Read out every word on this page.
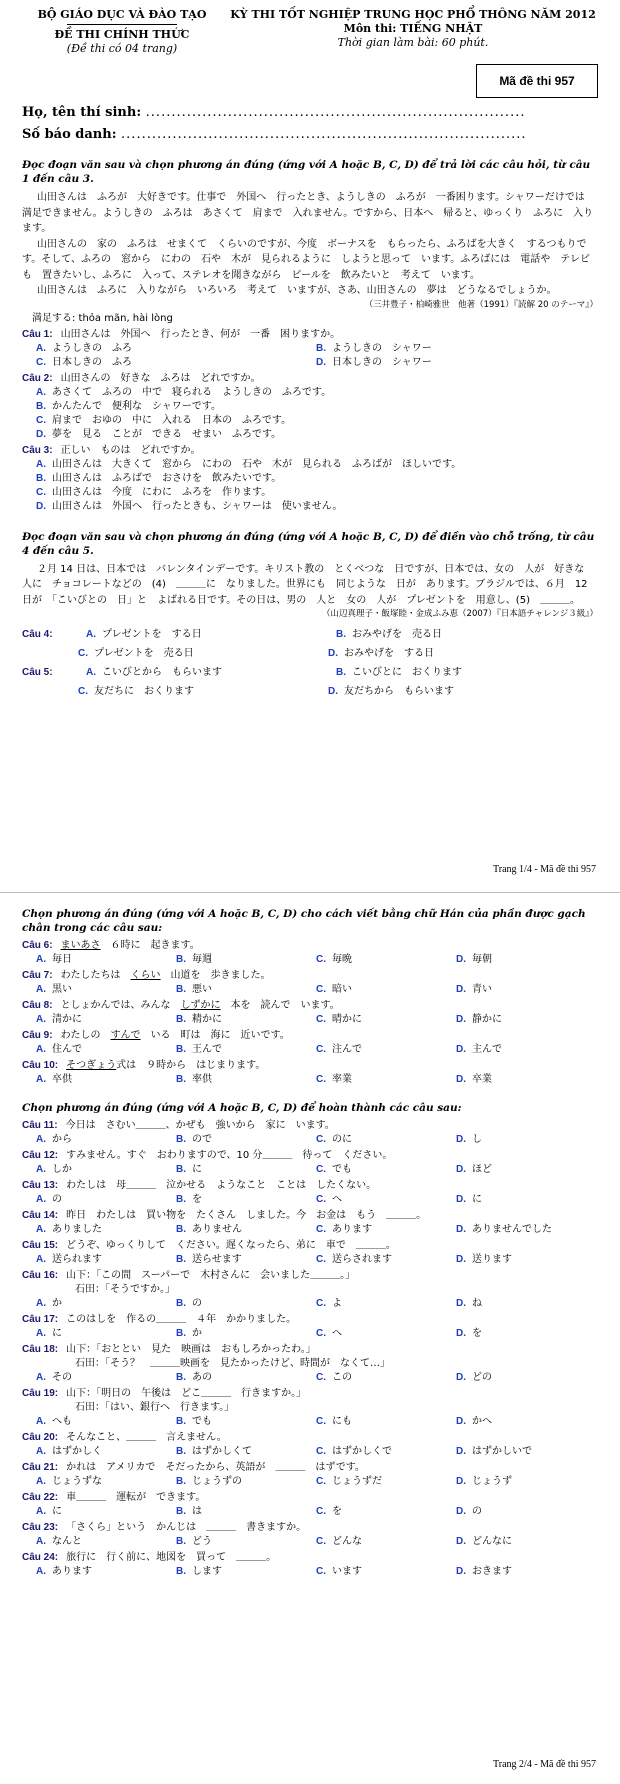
BỘ GIÁO DỤC VÀ ĐÀO TẠO
ĐỀ THI CHÍNH THỨC
(Đề thi có 04 trang)
KỲ THI TỐT NGHIỆP TRUNG HỌC PHỔ THÔNG NĂM 2012
Môn thi: TIẾNG NHẬT
Thời gian làm bài: 60 phút.
Mã đề thi 957
Họ, tên thí sinh: ..........................................................................
Số báo danh: ...............................................................................
Đọc đoạn văn sau và chọn phương án đúng (ứng với A hoặc B, C, D) để trả lời các câu hỏi, từ câu 1 đến câu 3.

山田さんは　ふろが　大好きです。仕事で　外国へ　行ったとき、ようしきの　ふろが　一番困ります。シャワーだけでは　満足できません。ようしきの　ふろは　あさくて　肩まで　入れません。ですから、日本へ　帰ると、ゆっくり　ふろに　入ります。

山田さんの　家の　ふろは　せまくて　くらいのですが、今度　ボーナスを　もらったら、ふろばを大きく　するつもりです。そして、ふろの　窓から　にわの　石や　木が　見られるように　しようと思って　います。ふろばには　電話や　テレビも　置きたいし、ふろに　入って、ステレオを聞きながら　ビールを　飲みたいと　考えて　います。

山田さんは　ふろに　入りながら　いろいろ　考えて　いますが、さあ、山田さんの　夢は　どうなるでしょうか。

（三井豊子・柏崎雅世　他著（1991）『読解 20 のテーマ』）
満足する: thỏa mãn, hài lòng
Câu 1: 山田さんは　外国へ　行ったとき、何が　一番　困りますか。
A. ようしきの　ふろ	B. ようしきの　シャワー
C. 日本しきの　ふろ	D. 日本しきの　シャワー
Câu 2: 山田さんの　好きな　ふろは　どれですか。
A. あさくて　ふろの　中で　寝られる　ようしきの　ふろです。
B. かんたんで　便利な　シャワーです。
C. 肩まで　おゆの　中に　入れる　日本の　ふろです。
D. 夢を　見る　ことが　できる　せまい　ふろです。
Câu 3: 正しい　ものは　どれですか。
A. 山田さんは　大きくて　窓から　にわの　石や　木が　見られる　ふろばが　ほしいです。
B. 山田さんは　ふろばで　おさけを　飲みたいです。
C. 山田さんは　今度　にわに　ふろを　作ります。
D. 山田さんは　外国へ　行ったときも、シャワーは　使いません。
Đọc đoạn văn sau và chọn phương án đúng (ứng với A hoặc B, C, D) để điền vào chỗ trống, từ câu 4 đến câu 5.

２月 14 日は、日本では　バレンタインデーです。キリスト教の　とくべつな　日ですが、日本では、女の　人が　好きな　人に　チョコレートなどの　(4)　＿＿＿に　なりました。世界にも　同じような　日が　あります。ブラジルでは、６月　12 日が　「こいびとの　日」と　よばれる日です。その日は、男の　人と　女の　人が　プレゼントを　用意し、(5)　＿＿＿。

（山辺真理子・飯塚睦・金成ふみ恵（2007）『日本語チャレンジ３級』）
Câu 4:	A. プレゼントを　する日	B. おみやげを　売る日
C. プレゼントを　売る日	D. おみやげを　する日
Câu 5:	A. こいびとから　もらいます	B. こいびとに　おくります
C. 友だちに　おくります	D. 友だちから　もらいます
Trang 1/4 - Mã đề thi 957
Chọn phương án đúng (ứng với A hoặc B, C, D) cho cách viết bằng chữ Hán của phần được gạch chân trong các câu sau:
Câu 6: まいあさ　６時に　起きます。
A. 毎日	B. 毎週	C. 毎晩	D. 毎朝
Câu 7: わたしたちは　くらい　山道を　歩きました。
A. 黒い	B. 悪い	C. 暗い	D. 青い
Câu 8: としょかんでは、みんな　しずかに　本を　読んで　います。
A. 清かに	B. 精かに	C. 晴かに	D. 静かに
Câu 9: わたしの　すんで　いる　町は　海に　近いです。
A. 住んで	B. 王んで	C. 注んで	D. 主んで
Câu 10: そつぎょう式は　９時から　はじまります。
A. 卒供	B. 率供	C. 率業	D. 卒業
Chọn phương án đúng (ứng với A hoặc B, C, D) để hoàn thành các câu sau:
Câu 11: 今日は　さむい＿＿＿、かぜも　強いから　家に　います。
A. から	B. ので	C. のに	D. し
Câu 12: すみません。すぐ　おわりますので、10 分＿＿＿　待って　ください。
A. しか	B. に	C. でも	D. ほど
Câu 13: わたしは　母＿＿＿　泣かせる　ようなこと　ことは　したくない。
A. の	B. を	C. へ	D. に
Câu 14: 昨日　わたしは　買い物を　たくさん　しました。今　お金は　もう　＿＿＿。
A. ありました	B. ありません	C. あります	D. ありませんでした
Câu 15: どうぞ、ゆっくりして　ください。遅くなったら、弟に　車で　＿＿＿。
A. 送られます	B. 送らせます	C. 送らされます	D. 送ります
Câu 16: 山下：「この間　スーパーで　木村さんに　会いました＿＿＿。」
石田：「そうですか。」
A. か	B. の	C. よ	D. ね
Câu 17: このはしを　作るの＿＿＿　４年　かかりました。
A. に	B. か	C. へ	D. を
Câu 18: 山下：「おととい　見た　映画は　おもしろかったわ。」
石田：「そう？　＿＿＿映画を　見たかったけど、時間が　なくて…」
A. その	B. あの	C. この	D. どの
Câu 19: 山下：「明日の　午後は　どこ＿＿＿　行きますか。」
石田：「はい、銀行へ　行きます。」
A. へも	B. でも	C. にも	D. かへ
Câu 20: そんなこと、＿＿＿　言えません。
A. はずかしく	B. はずかしくて	C. はずかしくで	D. はずかしいで
Câu 21: かれは　アメリカで　そだったから、英語が　＿＿＿　はずです。
A. じょうずな	B. じょうずの	C. じょうずだ	D. じょうず
Câu 22: 車＿＿＿　運転が　できます。
A. に	B. は	C. を	D. の
Câu 23: 「さくら」という　かんじは　＿＿＿　書きますか。
A. なんと	B. どう	C. どんな	D. どんなに
Câu 24: 旅行に　行く前に、地図を　買って　＿＿＿。
A. あります	B. します	C. います	D. おきます
Trang 2/4 - Mã đề thi 957
